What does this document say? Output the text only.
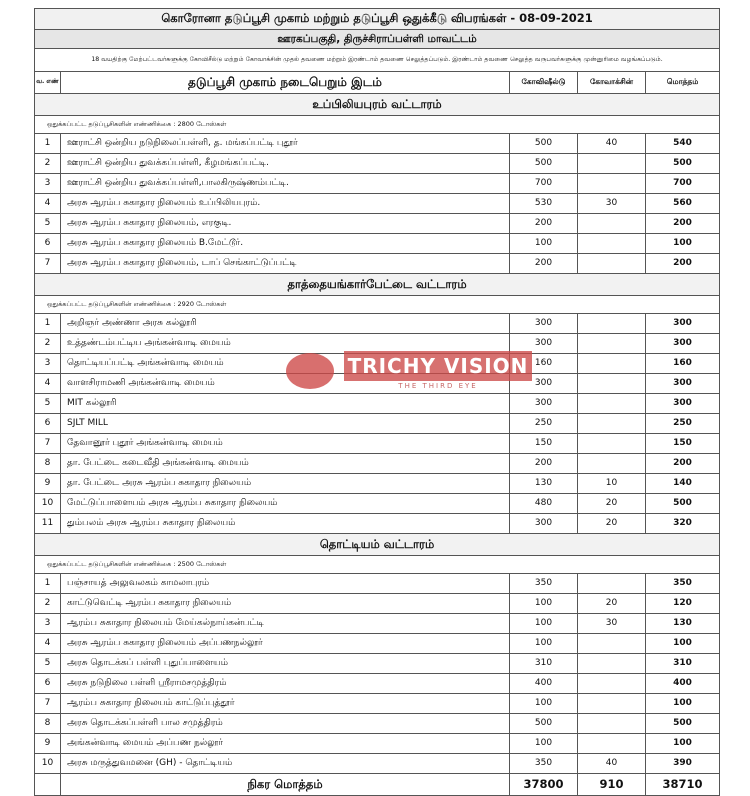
கொரோனா தடுப்பூசி முகாம் மற்றும் தடுப்பூசி ஒதுக்கீடு விபரங்கள் - 08-09-2021				
ஊரகப்பகுதி, திருச்சிராப்பள்ளி மாவட்டம்				
18 வயதிற்கு மேற்பட்டவர்களுக்கு கோவிசீல்டு மற்றும் கோவாக்சின் முதல் தவணை மற்றும் இரண்டாம் தவணை செலுத்தப்படும். இரண்டாம் தவணை செலுத்த வருபவர்களுக்கு முன்னுரிமை வழங்கப்படும்.				
வ. எண்	தடுப்பூசி முகாம் நடைபெறும் இடம்	கோவிஷீல்டு	கோவாக்சின்	மொத்தம்
உப்பிலியபுரம் வட்டாரம்				
ஒதுக்கப்பட்ட தடுப்பூசிகளின் எண்ணிக்கை : 2800 டோஸ்கள்				
1	ஊராட்சி ஒன்றிய நடுநிலைப்பள்ளி, த. மங்கப்பட்டி புதூர்	500	40	540
2	ஊராட்சி ஒன்றிய துவக்கப்பள்ளி, கீழமங்கப்பட்டி.	500		500
3	ஊராட்சி ஒன்றிய துவக்கப்பள்ளி,பாலகிருஷ்ணம்பட்டி.	700		700
4	அரசு ஆரம்ப சுகாதார நிலையம் உப்பிலியபுரம்.	530	30	560
5	அரசு ஆரம்ப சுகாதார நிலையம், எரகுடி.	200		200
6	அரசு ஆரம்ப சுகாதார நிலையம் B.மேட்டூர்.	100		100
7	அரசு ஆரம்ப சுகாதார நிலையம், டாப் செங்காட்டுப்பட்டி	200		200
தாத்தையங்கார்பேட்டை வட்டாரம்				
ஒதுக்கப்பட்ட தடுப்பூசிகளின் எண்ணிக்கை : 2920 டோஸ்கள்				
1	அறிஞர் அண்ணா அரசு கல்லூரி	300		300
2	உத்தண்டம்பட்டிய அங்கன்வாடி மையம்	300		300
3	தொட்டியப்பட்டி அங்கன்வாடி மையம்	160		160
4	வாளசிராமணி அங்கன்வாடி மையம்	300		300
5	MIT கல்லூரி	300		300
6	SJLT MILL	250		250
7	தேவானூர் புதூர் அங்கன்வாடி மையம்	150		150
8	தா. பேட்டை கடைவீதி அங்கன்வாடி மையம்	200		200
9	தா. பேட்டை அரசு ஆரம்ப சுகாதார நிலையம்	130	10	140
10	மேட்டுப்பாளையம் அரசு ஆரம்ப சுகாதார நிலையம்	480	20	500
11	தும்பலம் அரசு ஆரம்ப சுகாதார நிலையம்	300	20	320
தொட்டியம் வட்டாரம்				
ஒதுக்கப்பட்ட தடுப்பூசிகளின் எண்ணிக்கை : 2500 டோஸ்கள்				
1	பஞ்சாயத் அலுவலகம் காமலாபுரம்	350		350
2	காட்டுவெட்டி ஆரம்ப சுகாதார நிலையம்	100	20	120
3	ஆரம்ப சுகாதார நிலையம் மேய்கல்நாய்கன்பட்டி	100	30	130
4	அரசு ஆரம்ப சுகாதார நிலையம் அப்பணநல்லூர்	100		100
5	அரசு தொடக்கப் பள்ளி புதுப்பாளையம்	310		310
6	அரசு நடுநிலை பள்ளி ஸ்ரீராமசமுத்திரம்	400		400
7	ஆரம்ப சுகாதார நிலையம் காட்டுப்புத்தூர்	100		100
8	அரசு தொடக்கப்பள்ளி பால சமுத்திரம்	500		500
9	அங்கன்வாடி மையம் அப்பண நல்லூர்	100		100
10	அரசு மருத்துவமனை (GH) - தொட்டியம்	350	40	390
	நிகர மொத்தம்	37800	910	38710
TRICHY VISION
THE THIRD EYE
